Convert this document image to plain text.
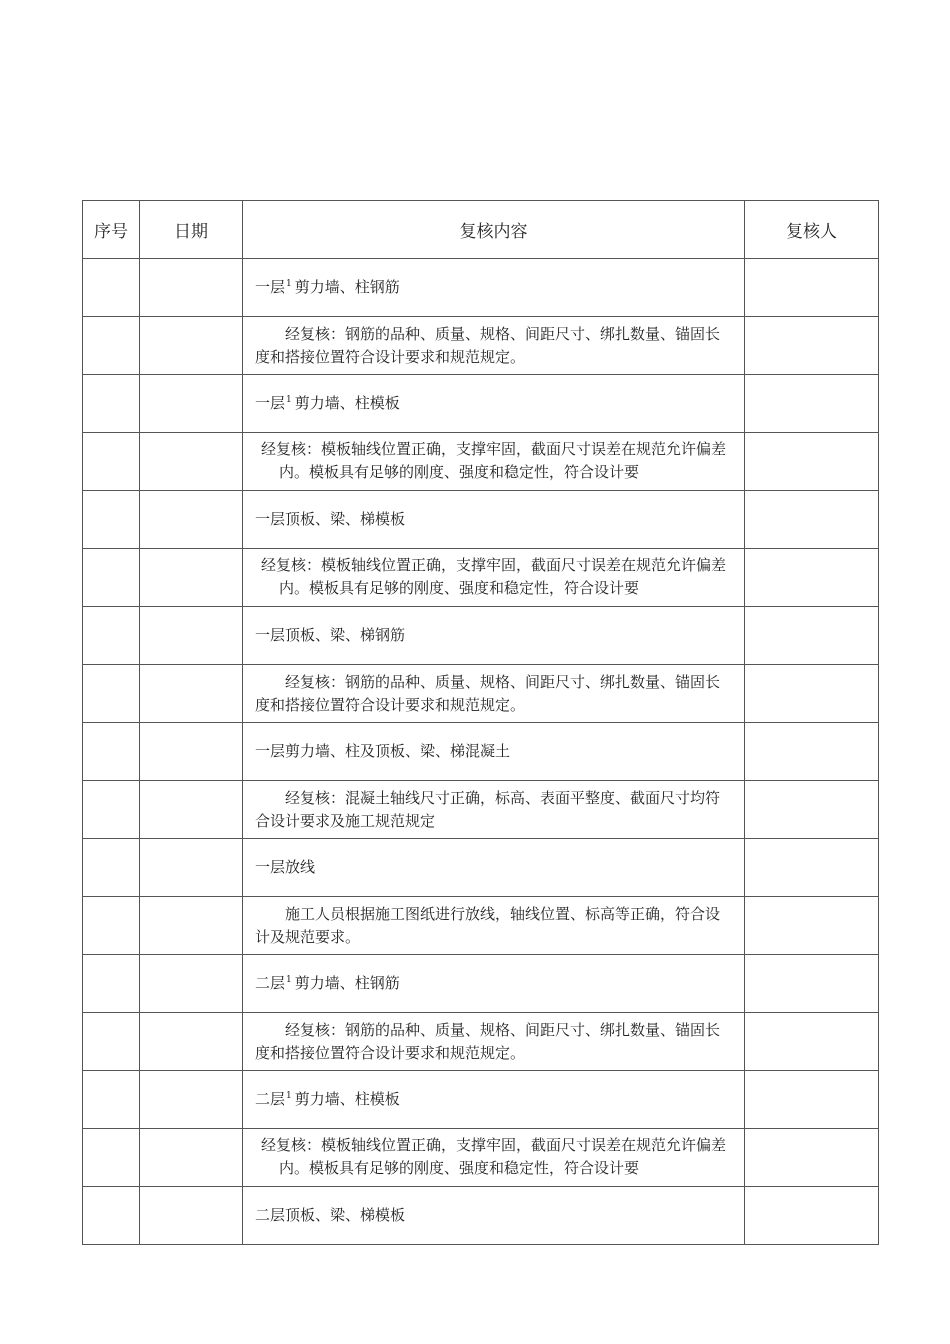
序号	日期	复核内容	复核人

		一层$^1$ 剪力墙、柱钢筋	

		经复核：钢筋的品种、质量、规格、间距尺寸、绑扎数量、锚固长度和搭接位置符合设计要求和规范规定。	

		一层$^1$ 剪力墙、柱模板	

		经复核：模板轴线位置正确，支撑牢固，截面尺寸误差在规范允许偏差内。模板具有足够的刚度、强度和稳定性，符合设计要	

		一层顶板、梁、梯模板	

		经复核：模板轴线位置正确，支撑牢固，截面尺寸误差在规范允许偏差内。模板具有足够的刚度、强度和稳定性，符合设计要	

		一层顶板、梁、梯钢筋	

		经复核：钢筋的品种、质量、规格、间距尺寸、绑扎数量、锚固长度和搭接位置符合设计要求和规范规定。	

		一层剪力墙、柱及顶板、梁、梯混凝土	

		经复核：混凝土轴线尺寸正确，标高、表面平整度、截面尺寸均符合设计要求及施工规范规定	

		一层放线	

		施工人员根据施工图纸进行放线，轴线位置、标高等正确，符合设计及规范要求。	

		二层$^1$ 剪力墙、柱钢筋	

		经复核：钢筋的品种、质量、规格、间距尺寸、绑扎数量、锚固长度和搭接位置符合设计要求和规范规定。	

		二层$^1$ 剪力墙、柱模板	

		经复核：模板轴线位置正确，支撑牢固，截面尺寸误差在规范允许偏差内。模板具有足够的刚度、强度和稳定性，符合设计要	

		二层顶板、梁、梯模板	
